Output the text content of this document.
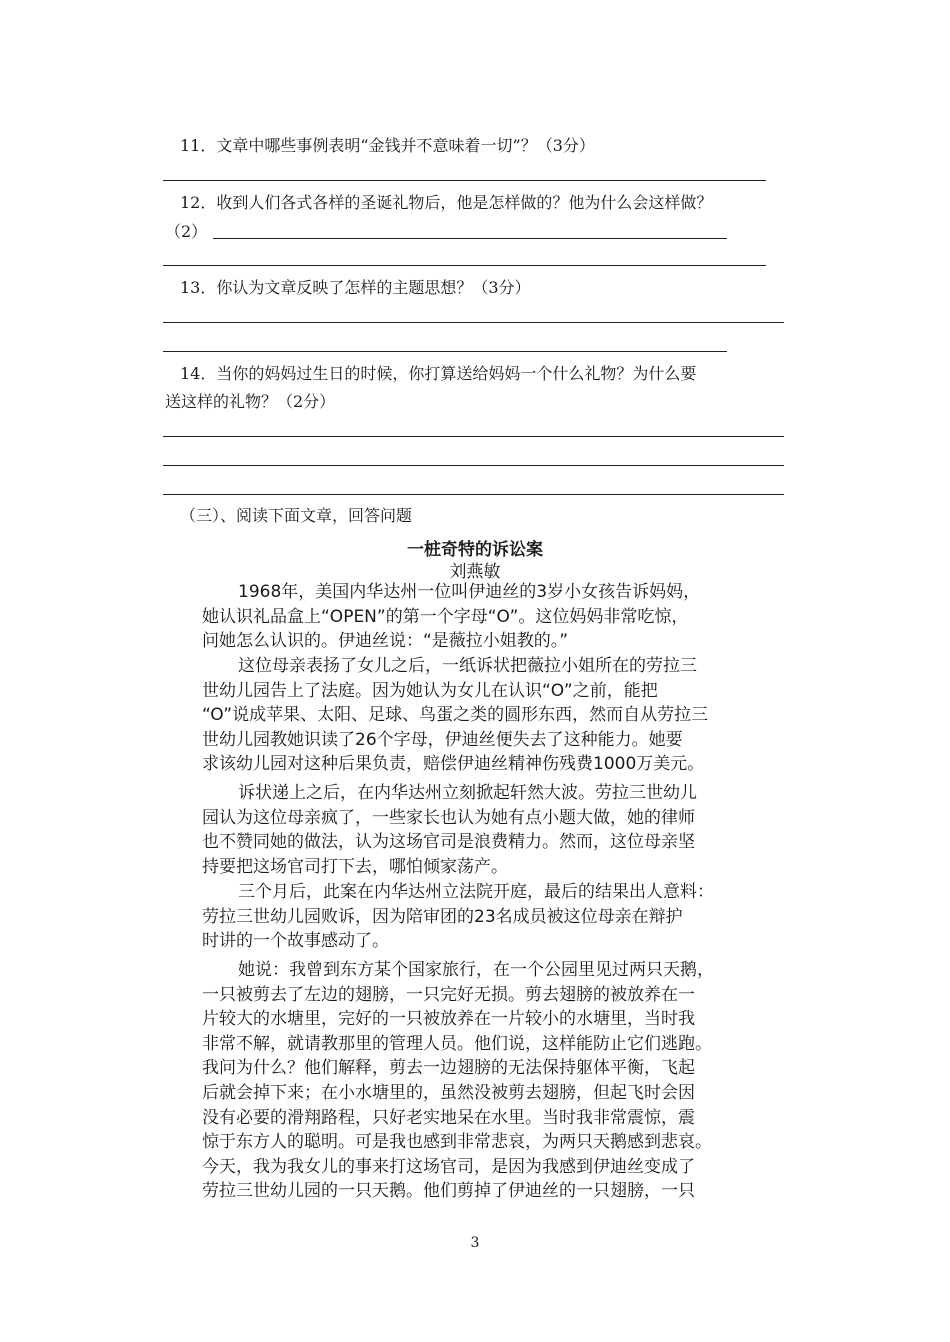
11．文章中哪些事例表明“金钱并不意味着一切”？（3分）
12．收到人们各式各样的圣诞礼物后，他是怎样做的？他为什么会这样做？
（2）
13．你认为文章反映了怎样的主题思想？（3分）
14．当你的妈妈过生日的时候，你打算送给妈妈一个什么礼物？为什么要
送这样的礼物？（2分）
（三）、阅读下面文章，回答问题
一桩奇特的诉讼案
刘燕敏
1968年，美国内华达州一位叫伊迪丝的3岁小女孩告诉妈妈，
她认识礼品盒上“OPEN”的第一个字母“O”。这位妈妈非常吃惊，
问她怎么认识的。伊迪丝说：“是薇拉小姐教的。”
这位母亲表扬了女儿之后，一纸诉状把薇拉小姐所在的劳拉三
世幼儿园告上了法庭。因为她认为女儿在认识“O”之前，能把
“O”说成苹果、太阳、足球、鸟蛋之类的圆形东西，然而自从劳拉三
世幼儿园教她识读了26个字母，伊迪丝便失去了这种能力。她要
求该幼儿园对这种后果负责，赔偿伊迪丝精神伤残费1000万美元。
诉状递上之后，在内华达州立刻掀起轩然大波。劳拉三世幼儿
园认为这位母亲疯了，一些家长也认为她有点小题大做，她的律师
也不赞同她的做法，认为这场官司是浪费精力。然而，这位母亲坚
持要把这场官司打下去，哪怕倾家荡产。
三个月后，此案在内华达州立法院开庭，最后的结果出人意料：
劳拉三世幼儿园败诉，因为陪审团的23名成员被这位母亲在辩护
时讲的一个故事感动了。
她说：我曾到东方某个国家旅行，在一个公园里见过两只天鹅，
一只被剪去了左边的翅膀，一只完好无损。剪去翅膀的被放养在一
片较大的水塘里，完好的一只被放养在一片较小的水塘里，当时我
非常不解，就请教那里的管理人员。他们说，这样能防止它们逃跑。
我问为什么？他们解释，剪去一边翅膀的无法保持躯体平衡，飞起
后就会掉下来；在小水塘里的，虽然没被剪去翅膀，但起飞时会因
没有必要的滑翔路程，只好老实地呆在水里。当时我非常震惊，震
惊于东方人的聪明。可是我也感到非常悲哀，为两只天鹅感到悲哀。
今天，我为我女儿的事来打这场官司，是因为我感到伊迪丝变成了
劳拉三世幼儿园的一只天鹅。他们剪掉了伊迪丝的一只翅膀，一只
3
